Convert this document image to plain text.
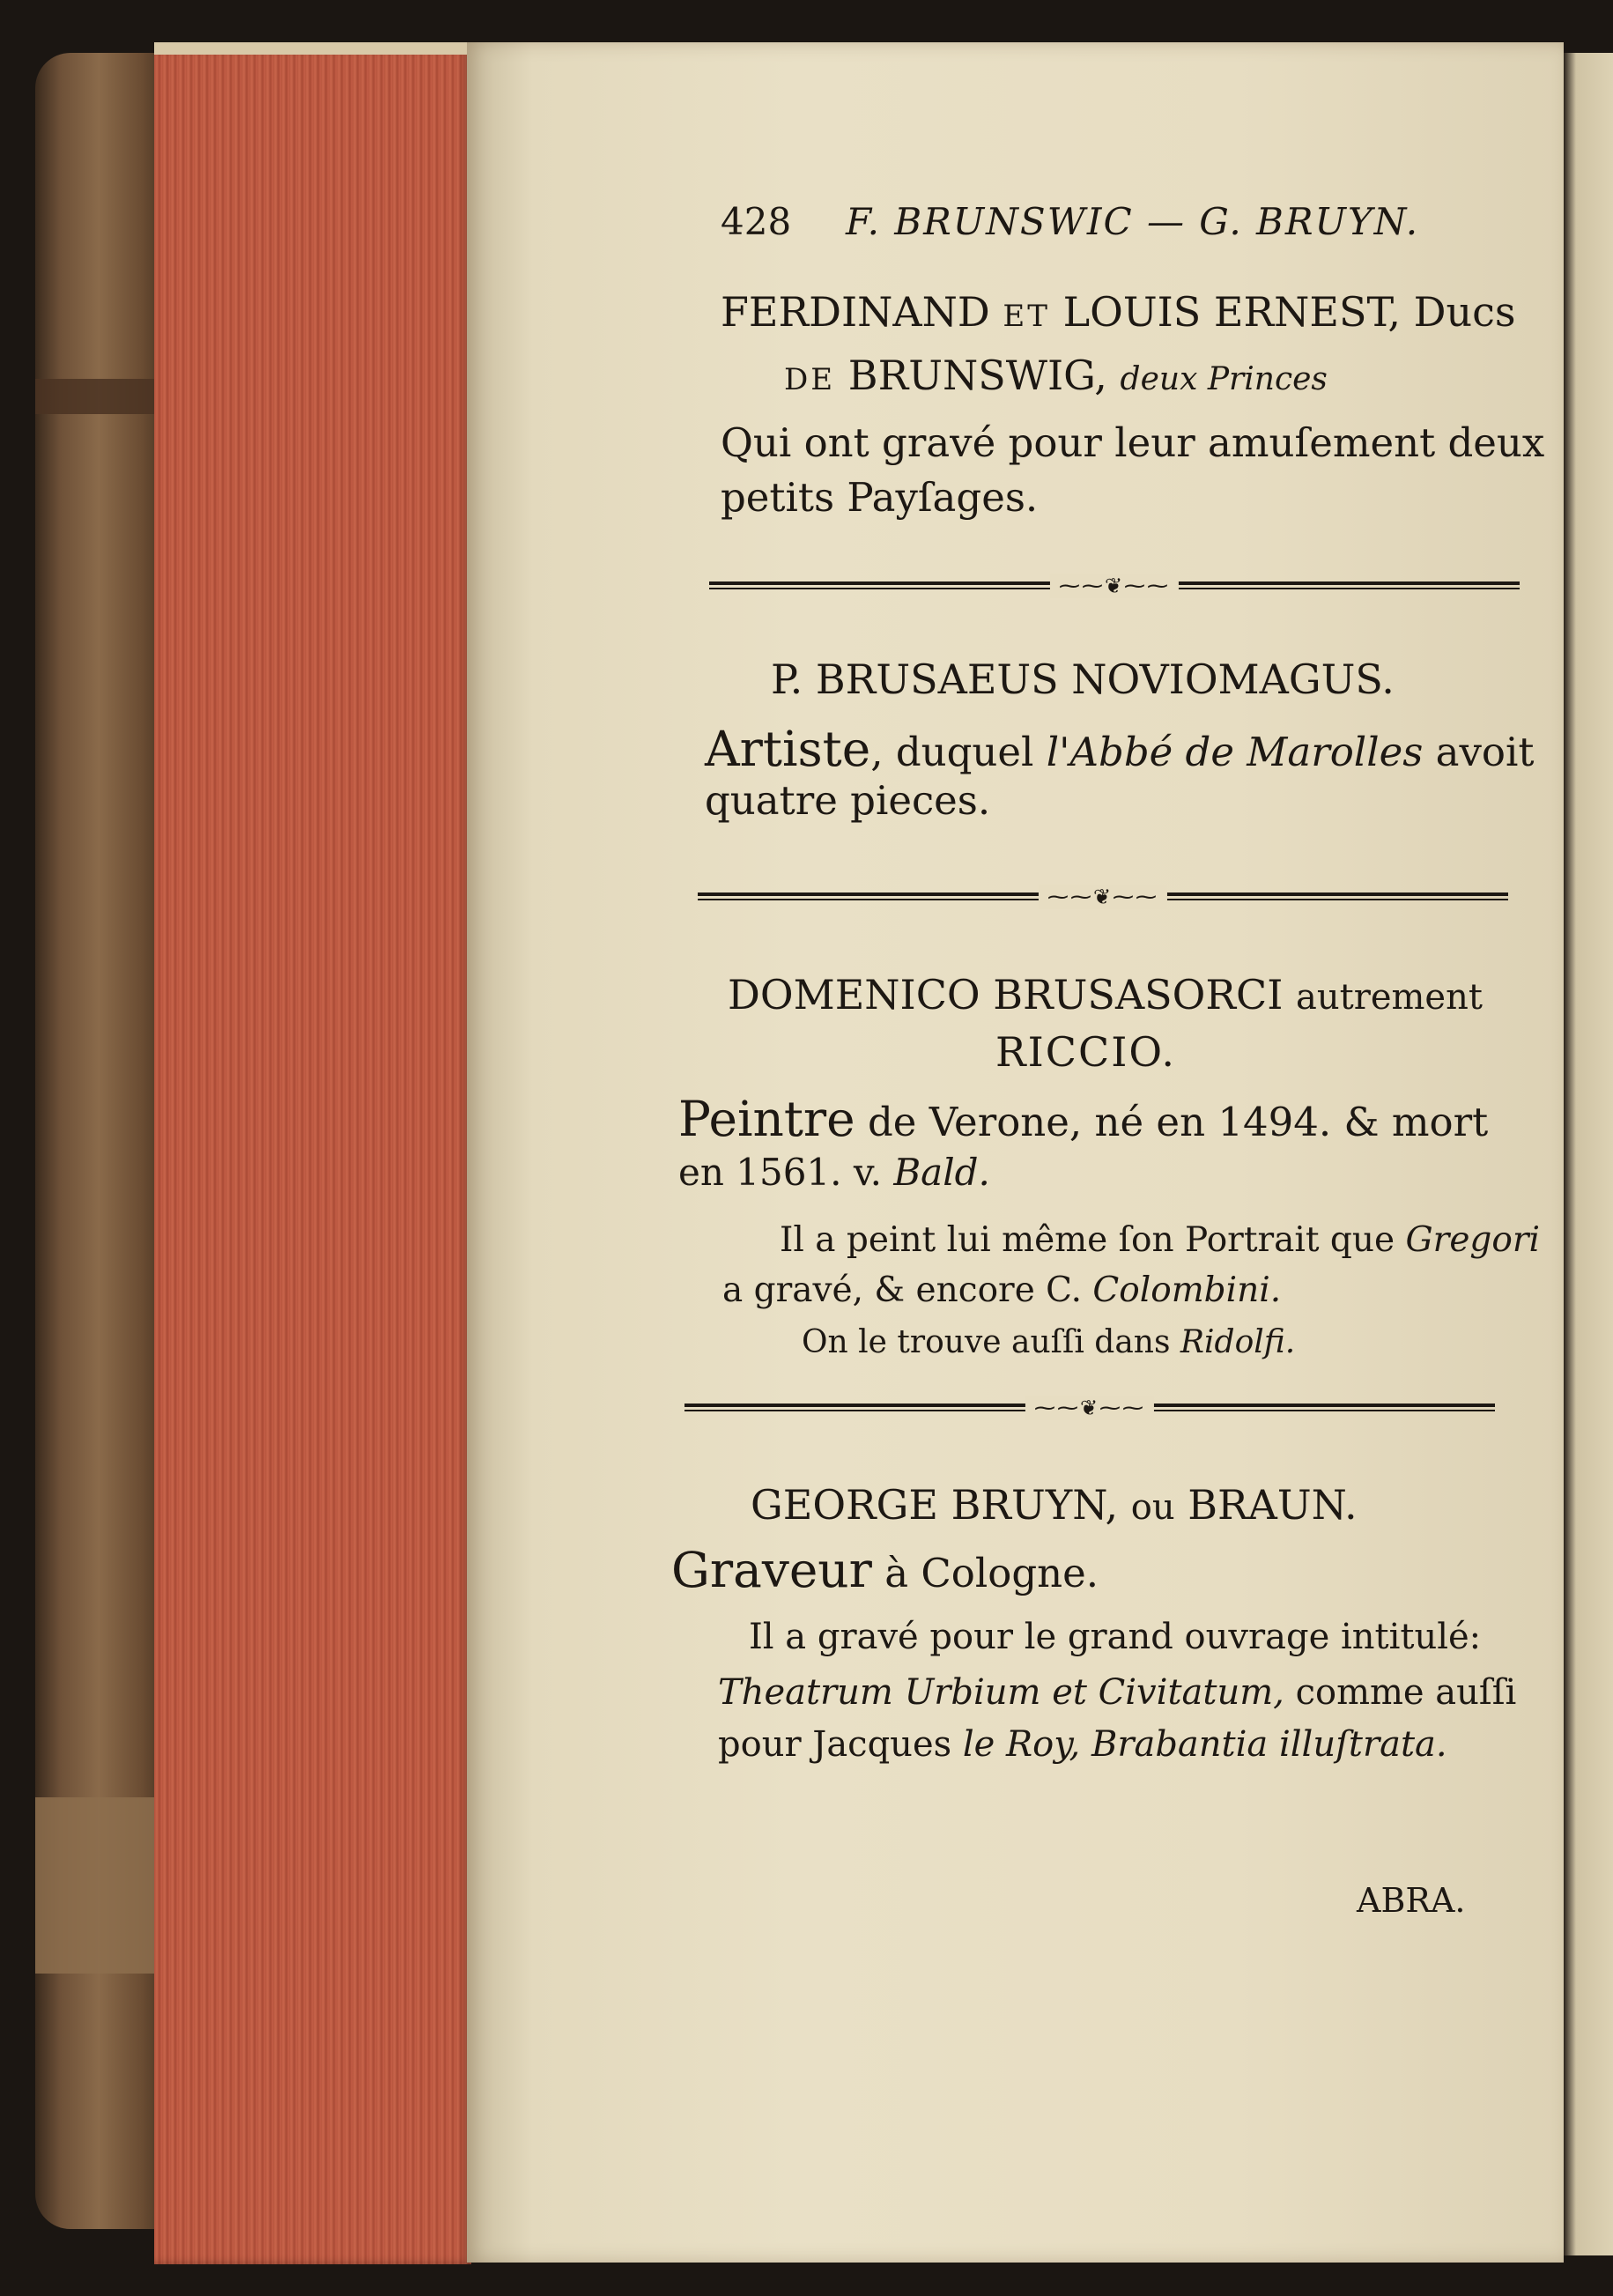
428 F. BRUNSWIC — G. BRUYN.
FERDINAND ET LOUIS ERNEST, Ducs
DE BRUNSWIG, deux Princes
Qui ont gravé pour leur amuſement deux
petits Payſages.
⁓⁓❦⁓⁓
P. BRUSAEUS NOVIOMAGUS.
Artiste, duquel l'Abbé de Marolles avoit
quatre pieces.
⁓⁓❦⁓⁓
DOMENICO BRUSASORCI autrement
RICCIO.
Peintre de Verone, né en 1494. & mort
en 1561. v. Bald.
Il a peint lui même ſon Portrait que Gregori
a gravé, & encore C. Colombini.
On le trouve auſſi dans Ridolfi.
⁓⁓❦⁓⁓
GEORGE BRUYN, ou BRAUN.
Graveur à Cologne.
Il a gravé pour le grand ouvrage intitulé:
Theatrum Urbium et Civitatum, comme auſſi
pour Jacques le Roy, Brabantia illuſtrata.
ABRA.
